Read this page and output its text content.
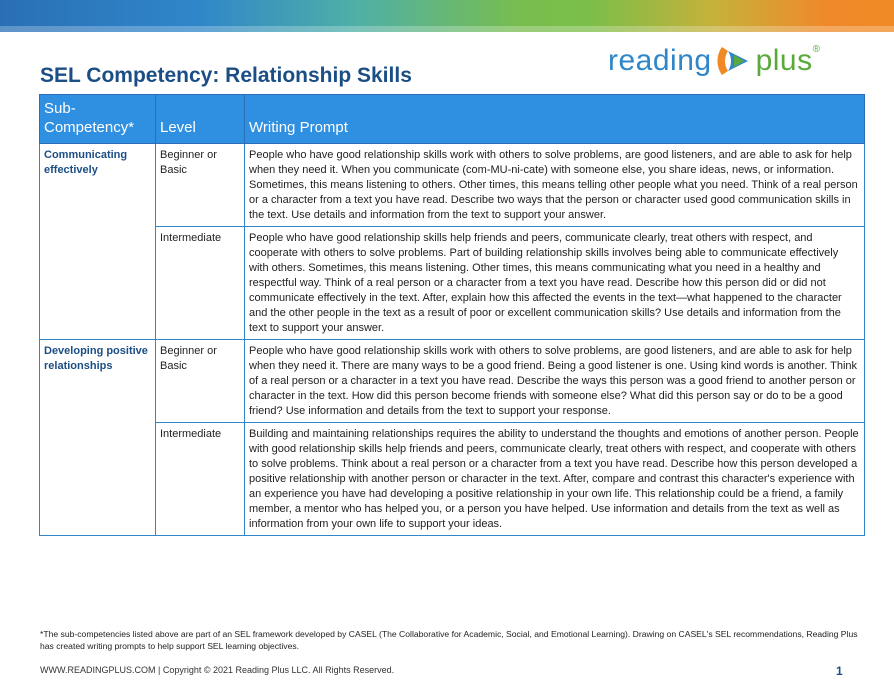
SEL Competency: Relationship Skills	reading plus ®
Sub-Competency*	Level	Writing Prompt
Communicating effectively	Beginner or Basic	People who have good relationship skills work with others to solve problems, are good listeners, and are able to ask for help when they need it. When you communicate (com-MU-ni-cate) with someone else, you share ideas, news, or information. Sometimes, this means listening to others. Other times, this means telling other people what you need. Think of a real person or a character from a text you have read. Describe two ways that the person or character used good communication skills in the text. Use details and information from the text to support your answer.
	Intermediate	People who have good relationship skills help friends and peers, communicate clearly, treat others with respect, and cooperate with others to solve problems. Part of building relationship skills involves being able to communicate effectively with others. Sometimes, this means listening. Other times, this means communicating what you need in a healthy and respectful way. Think of a real person or a character from a text you have read. Describe how this person did or did not communicate effectively in the text. After, explain how this affected the events in the text—what happened to the character and the other people in the text as a result of poor or excellent communication skills? Use details and information from the text to support your answer.
Developing positive relationships	Beginner or Basic	People who have good relationship skills work with others to solve problems, are good listeners, and are able to ask for help when they need it. There are many ways to be a good friend. Being a good listener is one. Using kind words is another. Think of a real person or a character in a text you have read. Describe the ways this person was a good friend to another person or character in the text. How did this person become friends with someone else? What did this person say or do to be a good friend? Use information and details from the text to support your response.
	Intermediate	Building and maintaining relationships requires the ability to understand the thoughts and emotions of another person. People with good relationship skills help friends and peers, communicate clearly, treat others with respect, and cooperate with others to solve problems. Think about a real person or a character from a text you have read. Describe how this person developed a positive relationship with another person or character in the text. After, compare and contrast this character's experience with an experience you have had developing a positive relationship in your own life. This relationship could be a friend, a family member, a mentor who has helped you, or a person you have helped. Use information and details from the text as well as information from your own life to support your ideas.
*The sub-competencies listed above are part of an SEL framework developed by CASEL (The Collaborative for Academic, Social, and Emotional Learning). Drawing on CASEL's SEL recommendations, Reading Plus has created writing prompts to help support SEL learning objectives.
WWW.READINGPLUS.COM | Copyright © 2021 Reading Plus LLC. All Rights Reserved.	1
